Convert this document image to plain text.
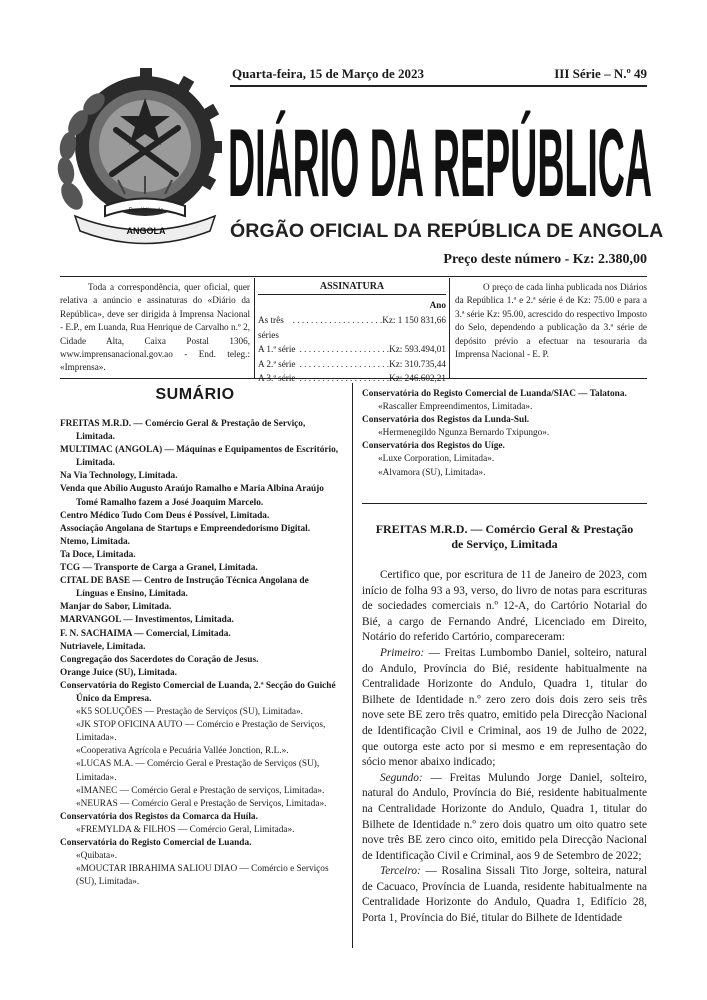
República de
ANGOLA
Quarta-feira, 15 de Março de 2023	III Série – N.º 49
DIÁRIO DA REPÚBLICA
ÓRGÃO OFICIAL DA REPÚBLICA DE ANGOLA
Preço deste número - Kz: 2.380,00

Toda a correspondência, quer oficial, quer relativa a anúncio e assinaturas do «Diário da República», deve ser dirigida à Imprensa Nacional - E.P., em Luanda, Rua Henrique de Carvalho n.º 2, Cidade Alta, Caixa Postal 1306, www.imprensanacional.gov.ao - End. teleg.: «Imprensa».

ASSINATURA
Ano
As três séries
. . . . . . . . . . . . . . . . . . . . Kz: 1 150 831,66
A 1.ª série . . . . . . . . . . . . . . . . . . . . Kz: 593.494,01
A 2.ª série . . . . . . . . . . . . . . . . . . . . Kz: 310.735,44
A 3.ª série . . . . . . . . . . . . . . . . . . . . Kz: 246.602,21

O preço de cada linha publicada nos Diários da República 1.ª e 2.ª série é de Kz: 75.00 e para a 3.ª série Kz: 95.00, acrescido do respectivo Imposto do Selo, dependendo a publicação da 3.ª série de depósito prévio a efectuar na tesouraria da Imprensa Nacional - E. P.

SUMÁRIO

FREITAS M.R.D. — Comércio Geral & Prestação de Serviço, Limitada.

MULTIMAC (ANGOLA) — Máquinas e Equipamentos de Escritório, Limitada.

Na Via Technology, Limitada.

Venda que Abílio Augusto Araújo Ramalho e Maria Albina Araújo Tomé Ramalho fazem a José Joaquim Marcelo.

Centro Médico Tudo Com Deus é Possível, Limitada.

Associação Angolana de Startups e Empreendedorismo Digital.

Ntemo, Limitada.

Ta Doce, Limitada.

TCG — Transporte de Carga a Granel, Limitada.

CITAL DE BASE — Centro de Instrução Técnica Angolana de Línguas e Ensino, Limitada.

Manjar do Sabor, Limitada.

MARVANGOL — Investimentos, Limitada.

F. N. SACHAIMA — Comercial, Limitada.

Nutriavele, Limitada.

Congregação dos Sacerdotes do Coração de Jesus.

Orange Juice (SU), Limitada.

Conservatória do Registo Comercial de Luanda, 2.ª Secção do Guiché Único da Empresa.

«K5 SOLUÇÕES — Prestação de Serviços (SU), Limitada».

«JK STOP OFICINA AUTO — Comércio e Prestação de Serviços, Limitada».

«Cooperativa Agrícola e Pecuária Vallée Jonction, R.L.».

«LUCAS M.A. — Comércio Geral e Prestação de Serviços (SU), Limitada».

«IMANEC — Comércio Geral e Prestação de serviços, Limitada».

«NEURAS — Comércio Geral e Prestação de Serviços, Limitada».

Conservatória dos Registos da Comarca da Huíla.

«FREMYLDA & FILHOS — Comércio Geral, Limitada».

Conservatória do Registo Comercial de Luanda.

«Quibata».

«MOUCTAR IBRAHIMA SALIOU DIAO — Comércio e Serviços (SU), Limitada».

Conservatória do Registo Comercial de Luanda/SIAC — Talatona.

«Rascaller Empreendimentos, Limitada».

Conservatória dos Registos da Lunda-Sul.

«Hermenegildo Ngunza Bernardo Txipungo».

Conservatória dos Registos do Uíge.

«Luxe Corporation, Limitada».

«Alvamora (SU), Limitada».

FREITAS M.R.D. — Comércio Geral & Prestação
de Serviço, Limitada

Certifico que, por escritura de 11 de Janeiro de 2023, com início de folha 93 a 93, verso, do livro de notas para escrituras de sociedades comerciais n.º 12-A, do Cartório Notarial do Bié, a cargo de Fernando André, Licenciado em Direito, Notário do referido Cartório, compareceram:

Primeiro: — Freitas Lumbombo Daniel, solteiro, natural do Andulo, Província do Bié, residente habitualmente na Centralidade Horizonte do Andulo, Quadra 1, titular do Bilhete de Identidade n.º zero zero dois dois zero seis três nove sete BE zero três quatro, emitido pela Direcção Nacional de Identificação Civil e Criminal, aos 19 de Julho de 2022, que outorga este acto por si mesmo e em representação do sócio menor abaixo indicado;

Segundo: — Freitas Mulundo Jorge Daniel, solteiro, natural do Andulo, Província do Bié, residente habitualmente na Centralidade Horizonte do Andulo, Quadra 1, titular do Bilhete de Identidade n.º zero dois quatro um oito quatro sete nove três BE zero cinco oito, emitido pela Direcção Nacional de Identificação Civil e Criminal, aos 9 de Setembro de 2022;

Terceiro: — Rosalina Sissali Tito Jorge, solteira, natural de Cacuaco, Província de Luanda, residente habitualmente na Centralidade Horizonte do Andulo, Quadra 1, Edifício 28, Porta 1, Província do Bié, titular do Bilhete de Identidade
